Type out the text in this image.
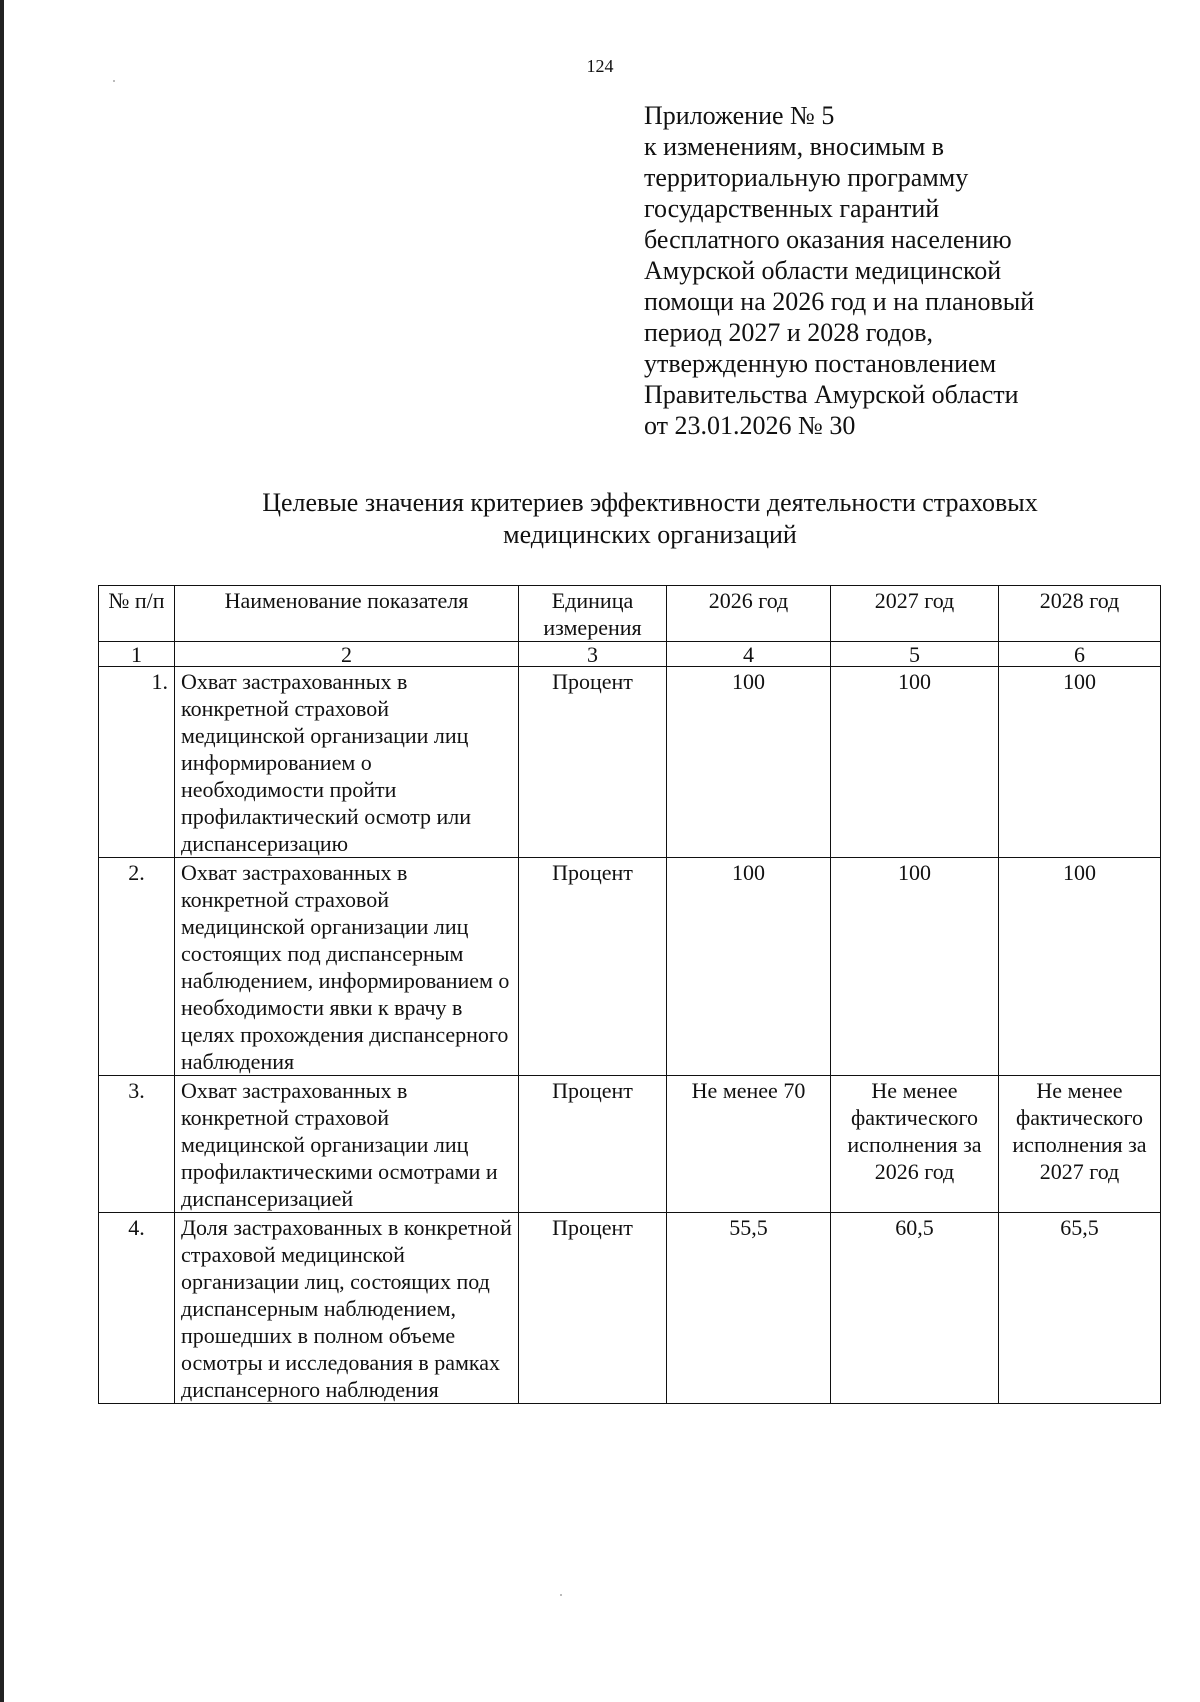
124
Приложение № 5
к изменениям, вносимым в
территориальную программу
государственных гарантий
бесплатного оказания населению
Амурской области медицинской
помощи на 2026 год и на плановый
период 2027 и 2028 годов,
утвержденную постановлением
Правительства Амурской области
от 23.01.2026 № 30
Целевые значения критериев эффективности деятельности страховых
медицинских организаций
№ п/п	Наименование показателя	Единица измерения	2026 год	2027 год	2028 год
1	2	3	4	5	6
1.	Охват застрахованных в конкретной страховой медицинской организации лиц информированием о необходимости пройти профилактический осмотр или диспансеризацию	Процент	100	100	100
2.	Охват застрахованных в конкретной страховой медицинской организации лиц состоящих под диспансерным наблюдением, информированием о необходимости явки к врачу в целях прохождения диспансерного наблюдения	Процент	100	100	100
3.	Охват застрахованных в конкретной страховой медицинской организации лиц профилактическими осмотрами и диспансеризацией	Процент	Не менее 70	Не менее фактического исполнения за 2026 год	Не менее фактического исполнения за 2027 год
4.	Доля застрахованных в конкретной страховой медицинской организации лиц, состоящих под диспансерным наблюдением, прошедших в полном объеме осмотры и исследования в рамках диспансерного наблюдения	Процент	55,5	60,5	65,5
